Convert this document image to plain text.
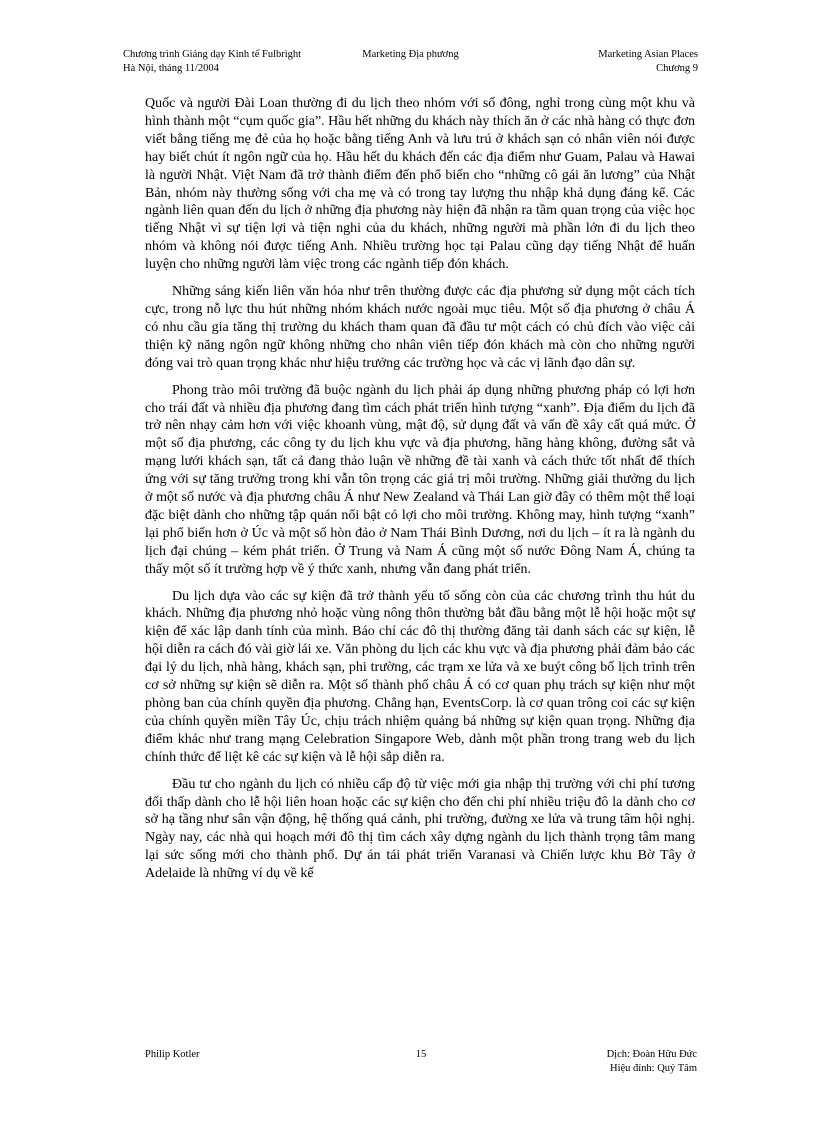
Chương trình Giảng dạy Kinh tế Fulbright
Hà Nội, tháng 11/2004
Marketing Địa phương	Marketing Asian Places
Chương 9

Quốc và người Đài Loan thường đi du lịch theo nhóm với số đông, nghỉ trong cùng một khu và hình thành một “cụm quốc gia”. Hầu hết những du khách này thích ăn ở các nhà hàng có thực đơn viết bằng tiếng mẹ đẻ của họ hoặc bằng tiếng Anh và lưu trú ở khách sạn có nhân viên nói được hay biết chút ít ngôn ngữ của họ. Hầu hết du khách đến các địa điểm như Guam, Palau và Hawai là người Nhật. Việt Nam đã trở thành điểm đến phổ biến cho “những cô gái ăn lương” của Nhật Bản, nhóm này thường sống với cha mẹ và có trong tay lượng thu nhập khả dụng đáng kể. Các ngành liên quan đến du lịch ở những địa phương này hiện đã nhận ra tầm quan trọng của việc học tiếng Nhật vì sự tiện lợi và tiện nghi của du khách, những người mà phần lớn đi du lịch theo nhóm và không nói được tiếng Anh. Nhiều trường học tại Palau cũng dạy tiếng Nhật để huấn luyện cho những người làm việc trong các ngành tiếp đón khách.

Những sáng kiến liên văn hóa như trên thường được các địa phương sử dụng một cách tích cực, trong nỗ lực thu hút những nhóm khách nước ngoài mục tiêu. Một số địa phương ở châu Á có nhu cầu gia tăng thị trường du khách tham quan đã đầu tư một cách có chủ đích vào việc cải thiện kỹ năng ngôn ngữ không những cho nhân viên tiếp đón khách mà còn cho những người đóng vai trò quan trọng khác như hiệu trưởng các trường học và các vị lãnh đạo dân sự.

Phong trào môi trường đã buộc ngành du lịch phải áp dụng những phương pháp có lợi hơn cho trái đất và nhiều địa phương đang tìm cách phát triển hình tượng “xanh”. Địa điểm du lịch đã trở nên nhạy cảm hơn với việc khoanh vùng, mật độ, sử dụng đất và vấn đề xây cất quá mức. Ở một số địa phương, các công ty du lịch khu vực và địa phương, hãng hàng không, đường sắt và mạng lưới khách sạn, tất cả đang thảo luận về những đề tài xanh và cách thức tốt nhất để thích ứng với sự tăng trưởng trong khi vẫn tôn trọng các giá trị môi trường. Những giải thưởng du lịch ở một số nước và địa phương châu Á như New Zealand và Thái Lan giờ đây có thêm một thể loại đặc biệt dành cho những tập quán nổi bật có lợi cho môi trường. Không may, hình tượng “xanh” lại phổ biến hơn ở Úc và một số hòn đảo ở Nam Thái Bình Dương, nơi du lịch – ít ra là ngành du lịch đại chúng – kém phát triển. Ở Trung và Nam Á cũng một số nước Đông Nam Á, chúng ta thấy một số ít trường hợp về ý thức xanh, nhưng vẫn đang phát triển.

Du lịch dựa vào các sự kiện đã trở thành yếu tố sống còn của các chương trình thu hút du khách. Những địa phương nhỏ hoặc vùng nông thôn thường bắt đầu bằng một lễ hội hoặc một sự kiện để xác lập danh tính của mình. Báo chí các đô thị thường đăng tải danh sách các sự kiện, lễ hội diễn ra cách đó vài giờ lái xe. Văn phòng du lịch các khu vực và địa phương phải đảm bảo các đại lý du lịch, nhà hàng, khách sạn, phi trường, các trạm xe lửa và xe buýt công bố lịch trình trên cơ sở những sự kiện sẽ diễn ra. Một số thành phố châu Á có cơ quan phụ trách sự kiện như một phòng ban của chính quyền địa phương. Chẳng hạn, EventsCorp. là cơ quan trông coi các sự kiện của chính quyền miền Tây Úc, chịu trách nhiệm quảng bá những sự kiện quan trọng. Những địa điểm khác như trang mạng Celebration Singapore Web, dành một phần trong trang web du lịch chính thức để liệt kê các sự kiện và lễ hội sắp diễn ra.

Đầu tư cho ngành du lịch có nhiều cấp độ từ việc mới gia nhập thị trường với chi phí tương đối thấp dành cho lễ hội liên hoan hoặc các sự kiện cho đến chi phí nhiều triệu đô la dành cho cơ sở hạ tầng như sân vận động, hệ thống quá cảnh, phi trường, đường xe lửa và trung tâm hội nghị. Ngày nay, các nhà qui hoạch mới đô thị tìm cách xây dựng ngành du lịch thành trọng tâm mang lại sức sống mới cho thành phố. Dự án tái phát triển Varanasi và Chiến lược khu Bờ Tây ở Adelaide là những ví dụ về kế

Philip Kotler	15	Dịch: Đoàn Hữu Đức
Hiệu đính: Quý Tâm
